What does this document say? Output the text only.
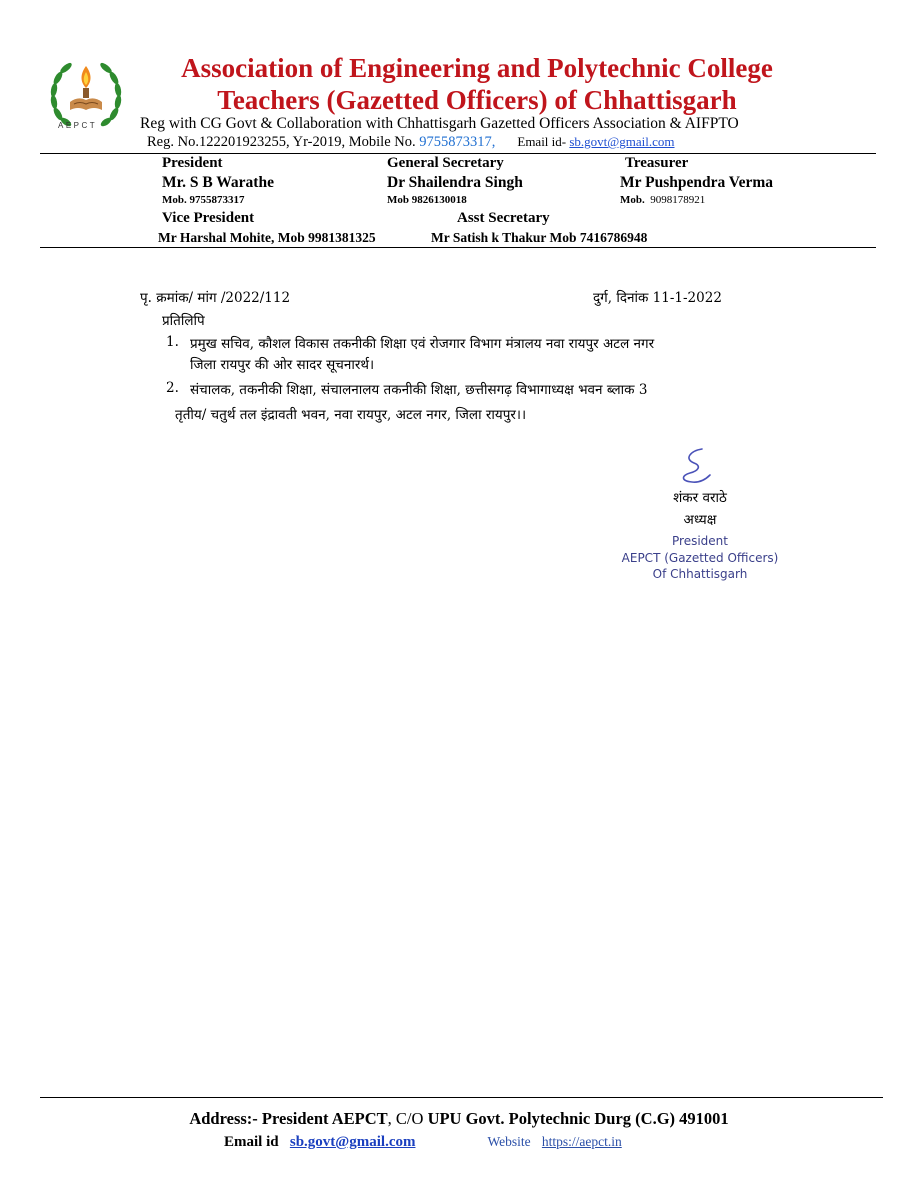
AEPCT
Association of Engineering and Polytechnic College
Teachers (Gazetted Officers) of Chhattisgarh
Reg with CG Govt & Collaboration with Chhattisgarh Gazetted Officers Association & AIFPTO
Reg. No.122201923255, Yr-2019, Mobile No. 9755873317, Email id- sb.govt@gmail.com
President
Mr. S B Warathe
Mob. 9755873317
General Secretary
Dr Shailendra Singh
Mob 9826130018
Treasurer
Mr Pushpendra Verma
Mob. 9098178921
Vice President	Asst Secretary
Mr Harshal Mohite, Mob 9981381325	Mr Satish k Thakur Mob 7416786948
पृ. क्रमांक/ मांग /2022/112	दुर्ग, दिनांक 11-1-2022
प्रतिलिपि
1. प्रमुख सचिव, कौशल विकास तकनीकी शिक्षा एवं रोजगार विभाग मंत्रालय नवा रायपुर अटल नगर
जिला रायपुर की ओर सादर सूचनारर्थ।
2. संचालक, तकनीकी शिक्षा, संचालनालय तकनीकी शिक्षा, छत्तीसगढ़ विभागाध्यक्ष भवन ब्लाक 3
तृतीय/ चतुर्थ तल इंद्रावती भवन, नवा रायपुर, अटल नगर, जिला रायपुर।।
शंकर वराठे
अध्यक्ष
President
AEPCT (Gazetted Officers)
Of Chhattisgarh
Address:- President AEPCT, C/O UPU Govt. Polytechnic Durg (C.G) 491001
Email id sb.govt@gmail.com	Website https://aepct.in
